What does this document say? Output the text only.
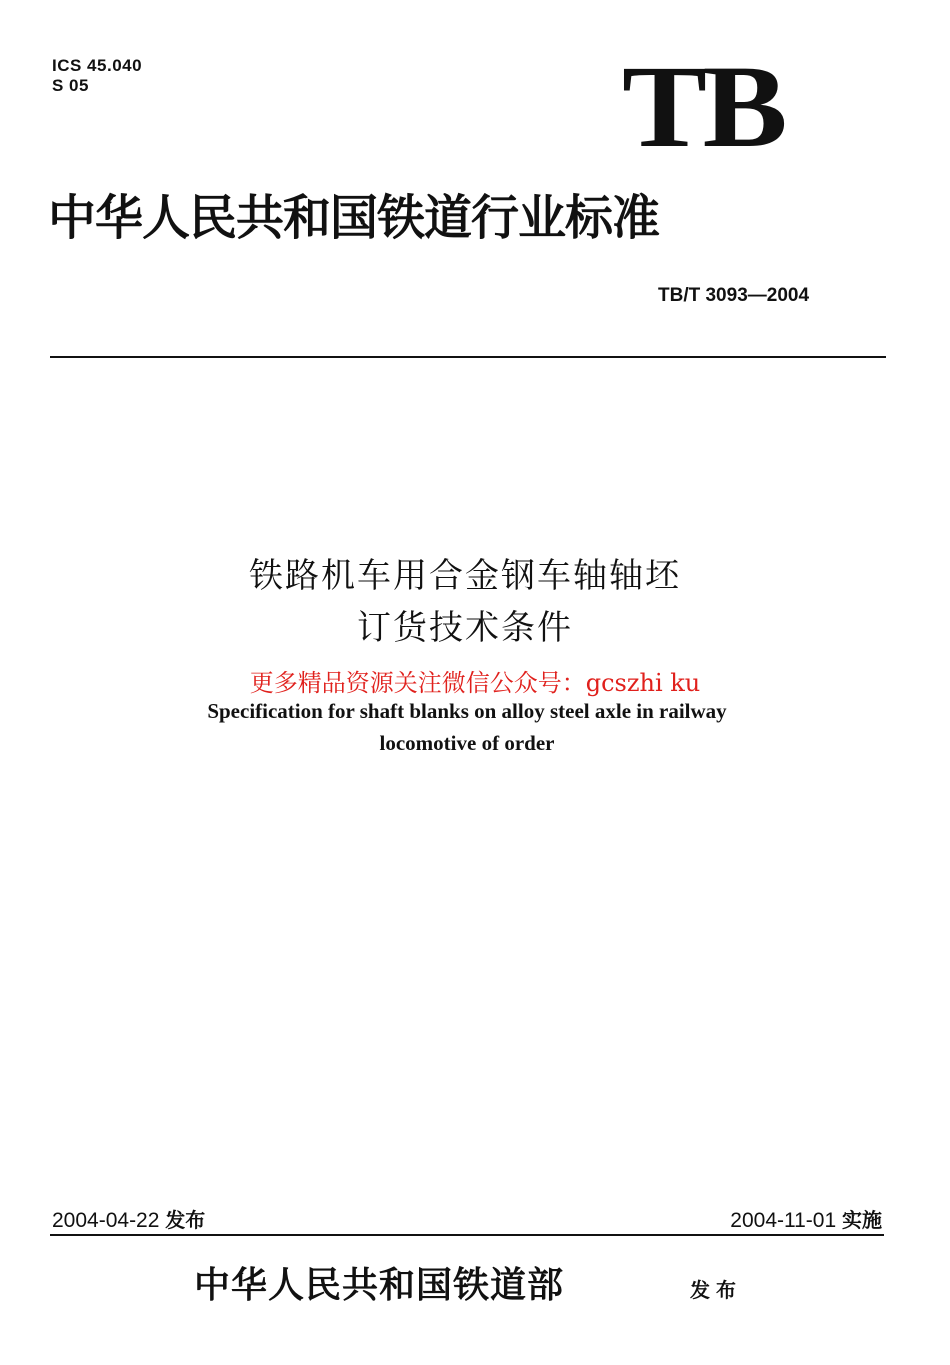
ICS 45.040
S 05	TB
中华人民共和国铁道行业标准
TB/T 3093—2004
铁路机车用合金钢车轴轴坯
订货技术条件
更多精品资源关注微信公众号：gcszhi ku
Specification for shaft blanks on alloy steel axle in railway
locomotive of order
2004-04-22 发布	2004-11-01 实施
中华人民共和国铁道部	发布
